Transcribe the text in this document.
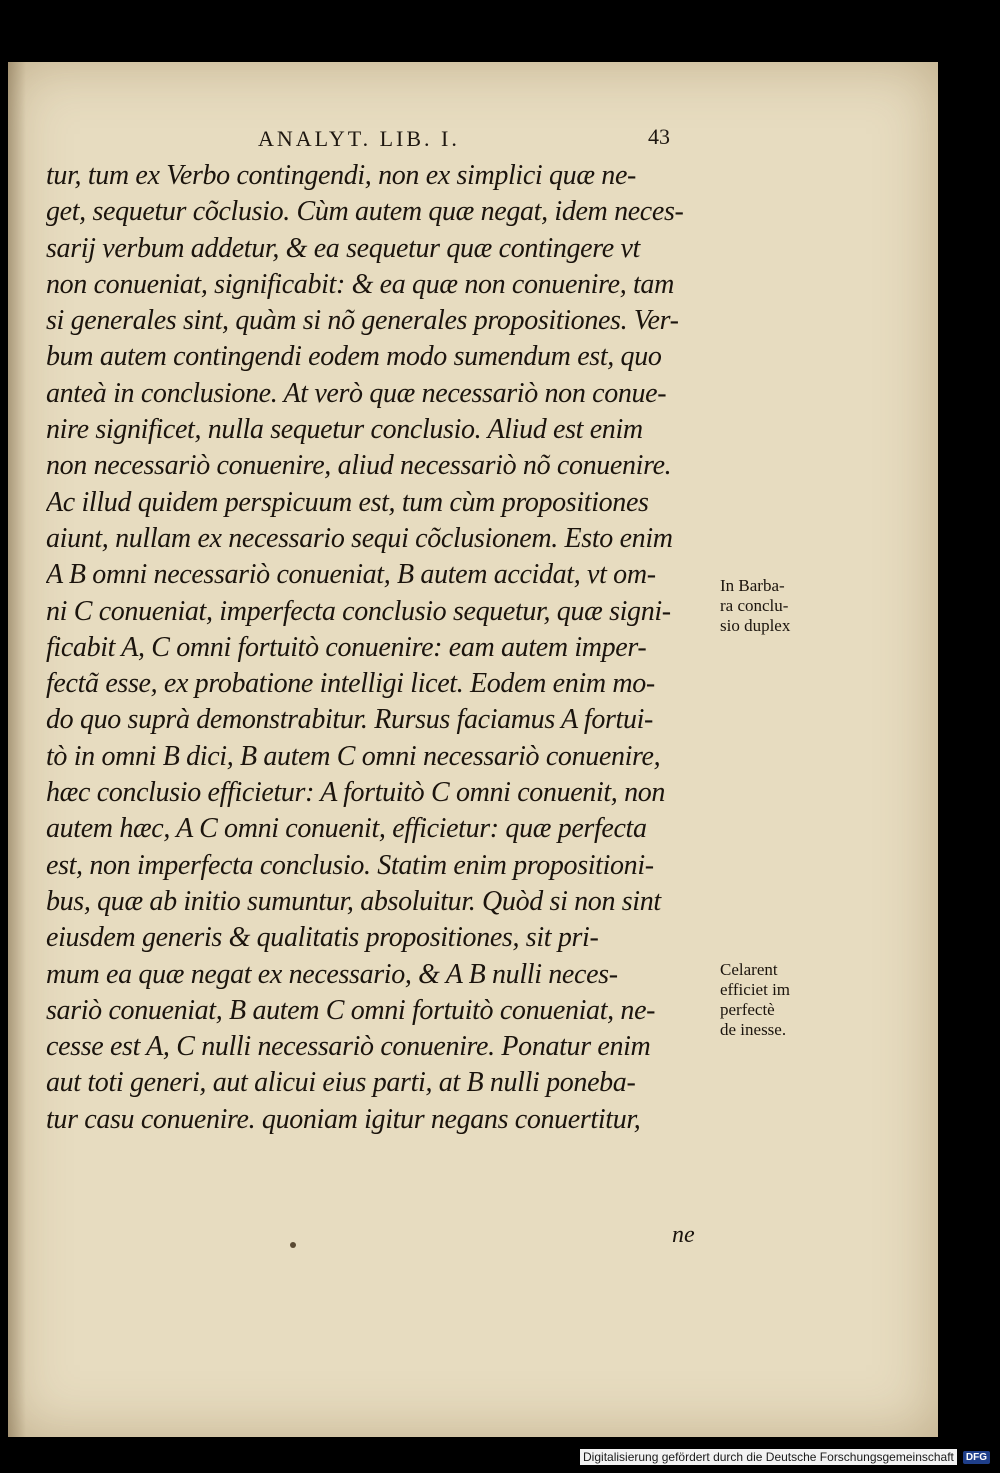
ANALYT. LIB. I.	43
tur, tum ex Verbo contingendi, non ex simplici quæ ne-
get, sequetur cõclusio. Cùm autem quæ negat, idem neces-
sarij verbum addetur, & ea sequetur quæ contingere vt
non conueniat, significabit: & ea quæ non conuenire, tam
si generales sint, quàm si nõ generales propositiones. Ver-
bum autem contingendi eodem modo sumendum est, quo
anteà in conclusione. At verò quæ necessariò non conue-
nire significet, nulla sequetur conclusio. Aliud est enim
non necessariò conuenire, aliud necessariò nõ conuenire.
Ac illud quidem perspicuum est, tum cùm propositiones
aiunt, nullam ex necessario sequi cõclusionem. Esto enim
A B omni necessariò conueniat, B autem accidat, vt om-
ni C conueniat, imperfecta conclusio sequetur, quæ signi-
ficabit A, C omni fortuitò conuenire: eam autem imper-
fectã esse, ex probatione intelligi licet. Eodem enim mo-
do quo suprà demonstrabitur. Rursus faciamus A fortui-
tò in omni B dici, B autem C omni necessariò conuenire,
hæc conclusio efficietur: A fortuitò C omni conuenit, non
autem hæc, A C omni conuenit, efficietur: quæ perfecta
est, non imperfecta conclusio. Statim enim propositioni-
bus, quæ ab initio sumuntur, absoluitur. Quòd si non sint
eiusdem generis & qualitatis propositiones, sit pri-
mum ea quæ negat ex necessario, & A B nulli neces-
sariò conueniat, B autem C omni fortuitò conueniat, ne-
cesse est A, C nulli necessariò conuenire. Ponatur enim
aut toti generi, aut alicui eius parti, at B nulli poneba-
tur casu conuenire. quoniam igitur negans conuertitur,
ne
In Barba-
ra conclu-
sio duplex
Celarent
efficiet im
perfectè
de inesse.
Digitalisierung gefördert durch die Deutsche Forschungsgemeinschaft	DFG
